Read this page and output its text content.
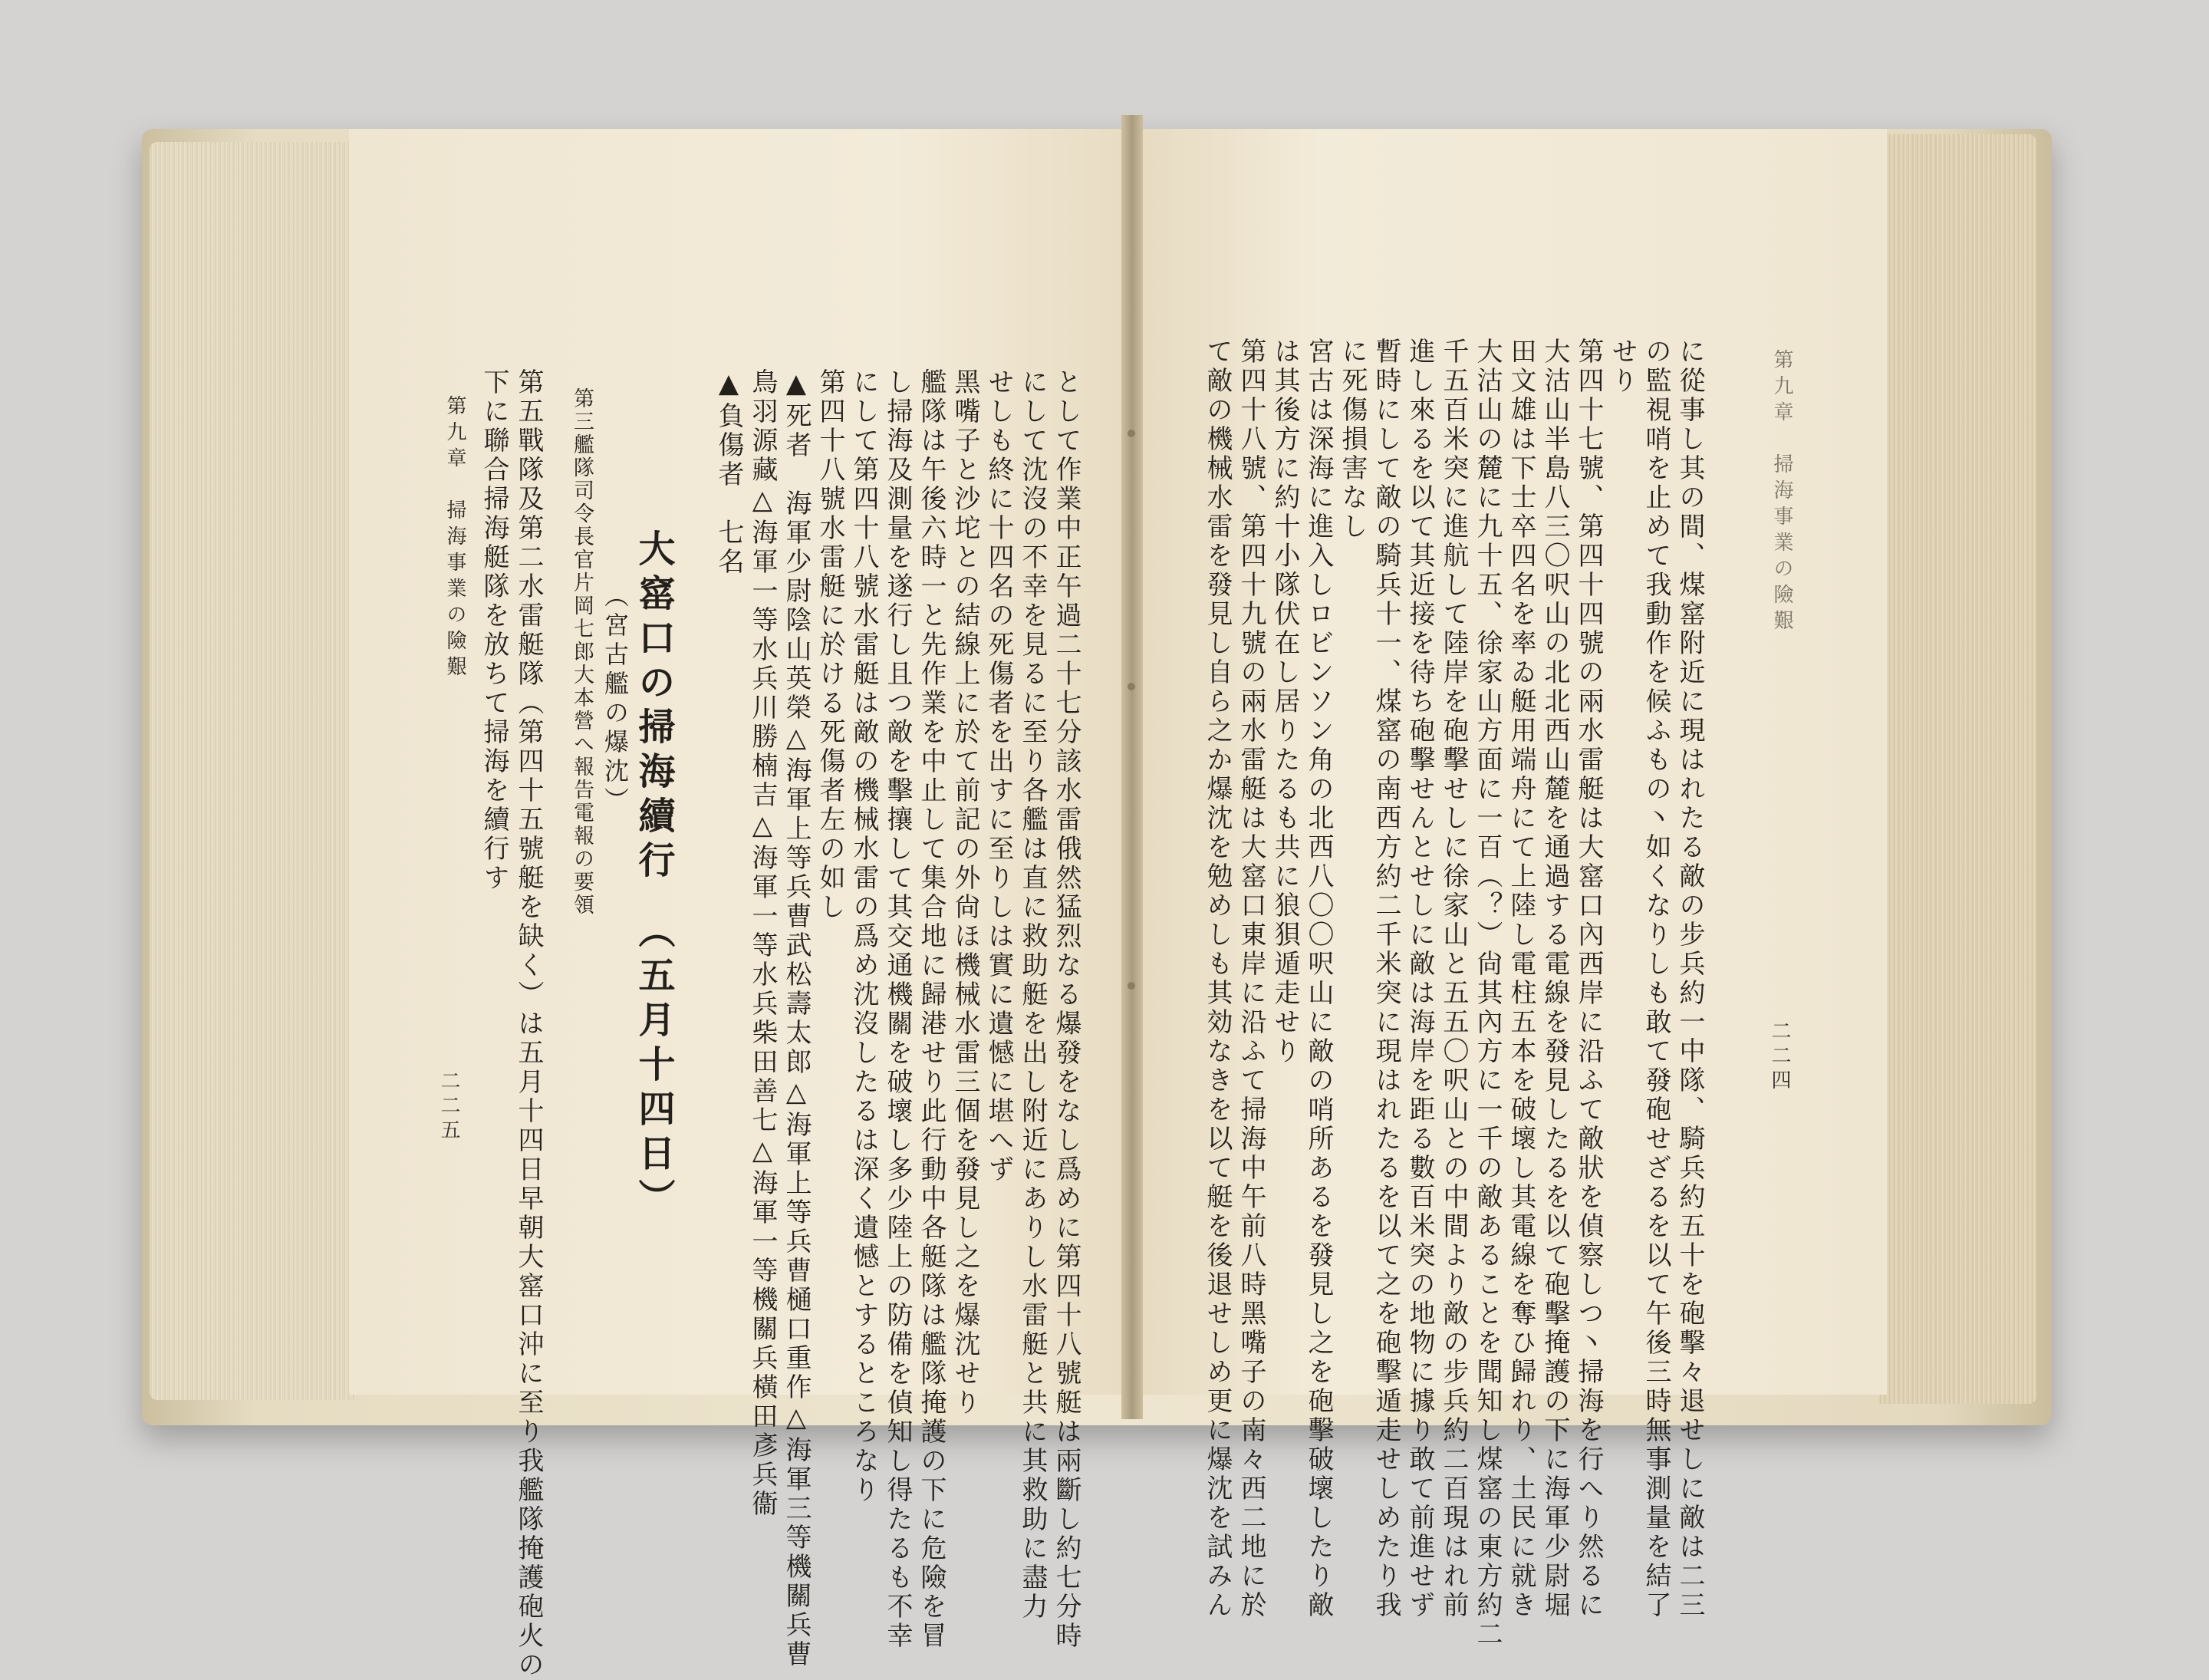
第九章　掃海事業の險艱
二二五
下に聯合掃海艇隊を放ちて掃海を續行す 第五戰隊及第二水雷艇隊（第四十五號艇を缺く）は五月十四日早朝大窰口沖に至り我艦隊掩護砲火の 第三艦隊司令長官片岡七郎大本營へ報告電報の要領 （宮古艦の爆沈） 大窰口の掃海續行　（五月十四日）
▲負傷者　七名 鳥羽源藏△海軍一等水兵川勝楠吉△海軍一等水兵柴田善七△海軍一等機關兵橫田彥兵衞 ▲死者　海軍少尉陰山英榮△海軍上等兵曹武松壽太郎△海軍上等兵曹樋口重作△海軍三等機關兵曹 第四十八號水雷艇に於ける死傷者左の如し にして第四十八號水雷艇は敵の機械水雷の爲め沈沒したるは深く遺憾とするところなり し掃海及測量を遂行し且つ敵を擊攘して其交通機關を破壞し多少陸上の防備を偵知し得たるも不幸 艦隊は午後六時一と先作業を中止して集合地に歸港せり此行動中各艇隊は艦隊掩護の下に危險を冒 黑嘴子と沙坨との結線上に於て前記の外尙ほ機械水雷三個を發見し之を爆沈せり せしも終に十四名の死傷者を出すに至りしは實に遺憾に堪へず にして沈沒の不幸を見るに至り各艦は直に救助艇を出し附近にありし水雷艇と共に其救助に盡力 として作業中正午過二十七分該水雷俄然猛烈なる爆發をなし爲めに第四十八號艇は兩斷し約七分時	第九章　掃海事業の險艱
二二四
て敵の機械水雷を發見し自ら之か爆沈を勉めしも其効なきを以て艇を後退せしめ更に爆沈を試みん 第四十八號、第四十九號の兩水雷艇は大窰口東岸に沿ふて掃海中午前八時黑嘴子の南々西二地に於 は其後方に約十小隊伏在し居りたるも共に狼狽遁走せり 宮古は深海に進入しロビンソン角の北西八〇〇呎山に敵の哨所あるを發見し之を砲擊破壞したり敵 に死傷損害なし 暫時にして敵の騎兵十一、煤窰の南西方約二千米突に現はれたるを以て之を砲擊遁走せしめたり我 進し來るを以て其近接を待ち砲擊せんとせしに敵は海岸を距る數百米突の地物に據り敢て前進せず 千五百米突に進航して陸岸を砲擊せしに徐家山と五五〇呎山との中間より敵の步兵約二百現はれ前 大沽山の麓に九十五、徐家山方面に一百（？）尙其內方に一千の敵あることを聞知し煤窰の東方約二 田文雄は下士卒四名を率ゐ艇用端舟にて上陸し電柱五本を破壞し其電線を奪ひ歸れり、土民に就き 大沽山半島八三〇呎山の北北西山麓を通過する電線を發見したるを以て砲擊掩護の下に海軍少尉堀 第四十七號、第四十四號の兩水雷艇は大窰口內西岸に沿ふて敵狀を偵察しつ丶掃海を行へり然るに せり の監視哨を止めて我動作を候ふもの丶如くなりしも敢て發砲せざるを以て午後三時無事測量を結了 に從事し其の間、煤窰附近に現はれたる敵の步兵約一中隊、騎兵約五十を砲擊々退せしに敵は二三
